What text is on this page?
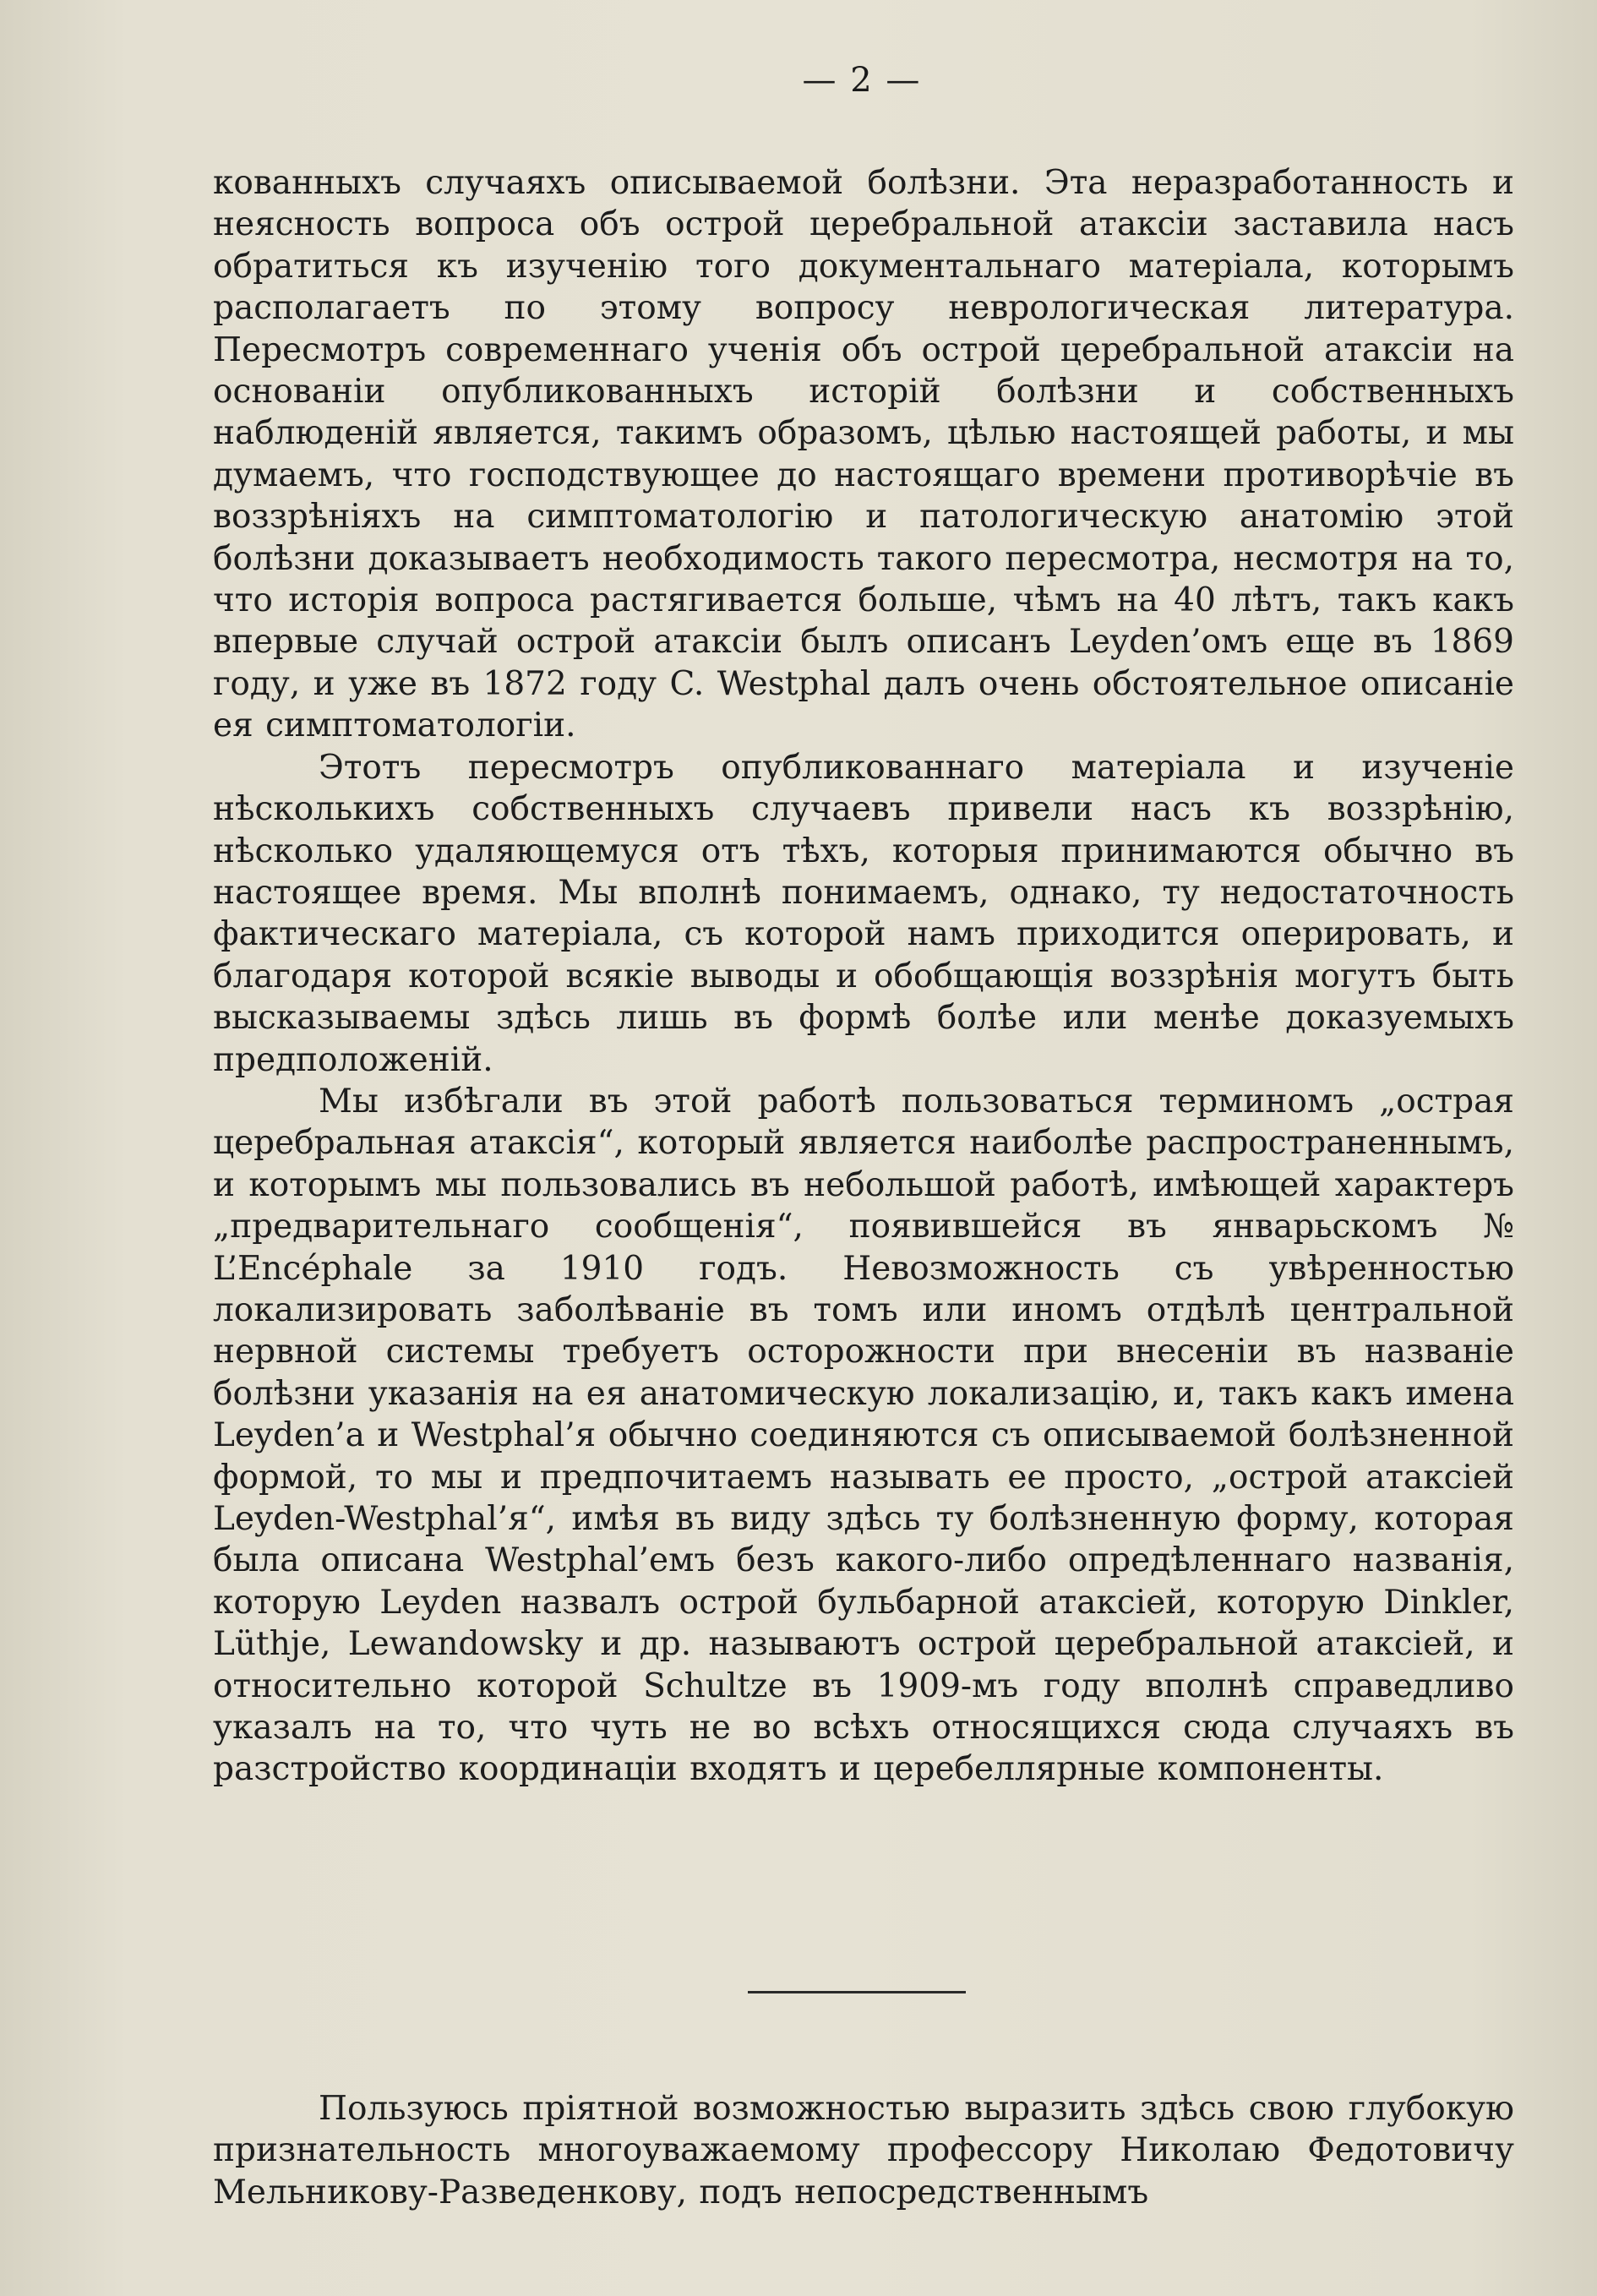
— 2 —

кованныхъ случаяхъ описываемой болѣзни. Эта неразработанность и неясность вопроса объ острой церебральной атаксіи заставила насъ обратиться къ изученію того документальнаго матеріала, которымъ располагаетъ по этому вопросу неврологическая литература. Пересмотръ современнаго ученія объ острой церебральной атаксіи на основаніи опубликованныхъ исторій болѣзни и собственныхъ наблюденій является, такимъ образомъ, цѣлью настоящей работы, и мы думаемъ, что господствующее до настоящаго времени противорѣчіе въ воззрѣніяхъ на симптоматологію и патологическую анатомію этой болѣзни доказываетъ необходимость такого пересмотра, несмотря на то, что исторія вопроса растягивается больше, чѣмъ на 40 лѣтъ, такъ какъ впервые случай острой атаксіи былъ описанъ Leyden’омъ еще въ 1869 году, и уже въ 1872 году C. Westphal далъ очень обстоятельное описаніе ея симптоматологіи.

Этотъ пересмотръ опубликованнаго матеріала и изученіе нѣсколькихъ собственныхъ случаевъ привели насъ къ воззрѣнію, нѣсколько удаляющемуся отъ тѣхъ, которыя принимаются обычно въ настоящее время. Мы вполнѣ понимаемъ, однако, ту недостаточность фактическаго матеріала, съ которой намъ приходится оперировать, и благодаря которой всякіе выводы и обобщающія воззрѣнія могутъ быть высказываемы здѣсь лишь въ формѣ болѣе или менѣе доказуемыхъ предположеній.

Мы избѣгали въ этой работѣ пользоваться терминомъ „острая церебральная атаксія“, который является наиболѣе распространеннымъ, и которымъ мы пользовались въ небольшой работѣ, имѣющей характеръ „предварительнаго сообщенія“, появившейся въ январьскомъ № L’Encéphale за 1910 годъ. Невозможность съ увѣренностью локализировать заболѣваніе въ томъ или иномъ отдѣлѣ центральной нервной системы требуетъ осторожности при внесеніи въ названіе болѣзни указанія на ея анатомическую локализацію, и, такъ какъ имена Leyden’а и Westphal’я обычно соединяются съ описываемой болѣзненной формой, то мы и предпочитаемъ называть ее просто, „острой атаксіей Leyden-Westphal’я“, имѣя въ виду здѣсь ту болѣзненную форму, которая была описана Westphal’емъ безъ какого-либо опредѣленнаго названія, которую Leyden назвалъ острой бульбарной атаксіей, которую Dinkler, Lüthje, Lewandowsky и др. называютъ острой церебральной атаксіей, и относительно которой Schultze въ 1909-мъ году вполнѣ справедливо указалъ на то, что чуть не во всѣхъ относящихся сюда случаяхъ въ разстройство координаціи входятъ и церебеллярные компоненты.

Пользуюсь пріятной возможностью выразить здѣсь свою глубокую признательность многоуважаемому профессору Николаю Федотовичу Мельникову-Разведенкову, подъ непосредственнымъ
